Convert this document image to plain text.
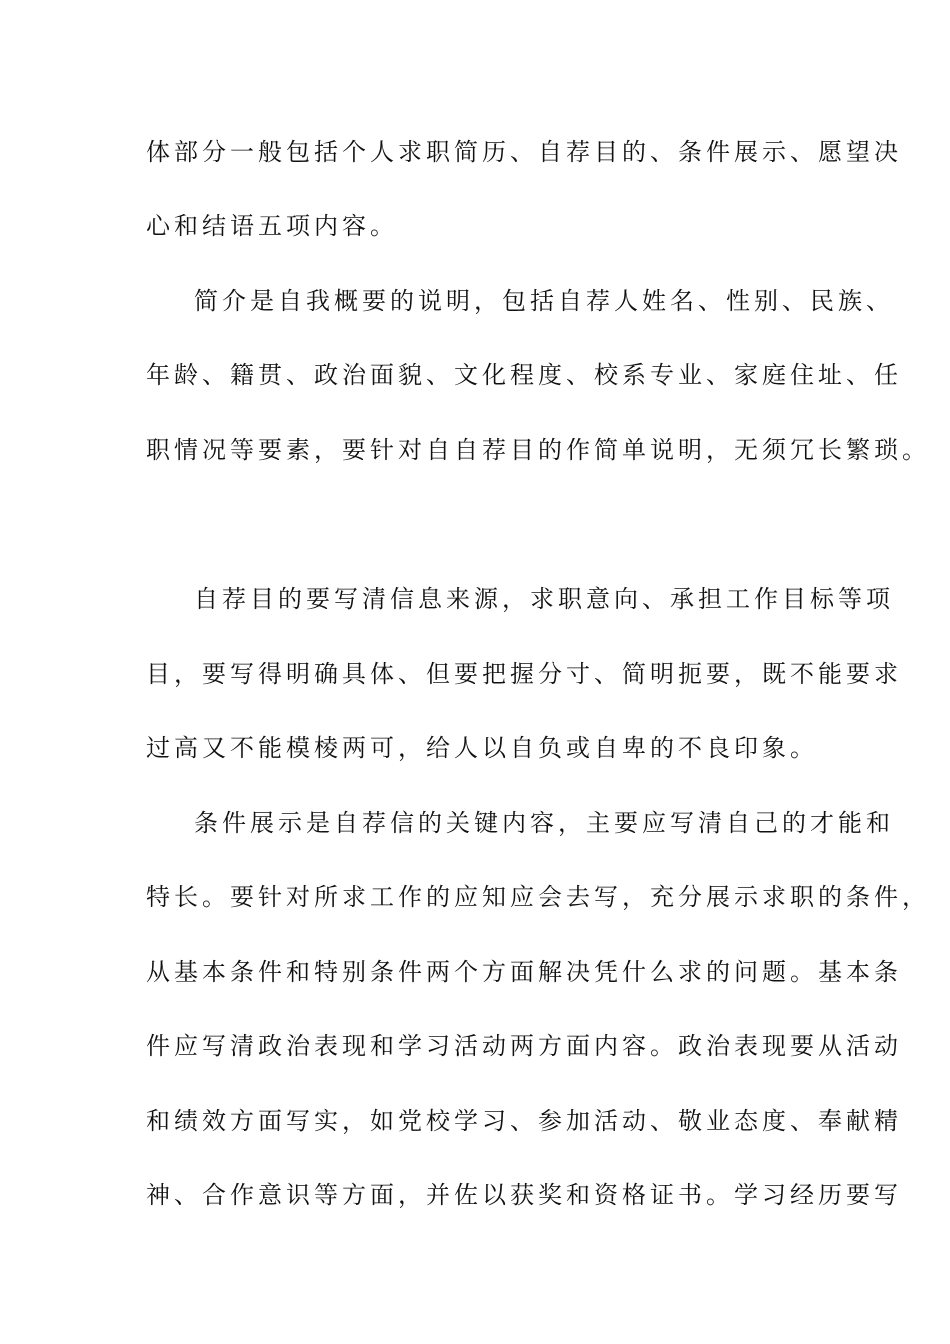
体部分一般包括个人求职简历、自荐目的、条件展示、愿望决
心和结语五项内容。
简介是自我概要的说明，包括自荐人姓名、性别、民族、
年龄、籍贯、政治面貌、文化程度、校系专业、家庭住址、任
职情况等要素，要针对自自荐目的作简单说明，无须冗长繁琐。
自荐目的要写清信息来源，求职意向、承担工作目标等项
目，要写得明确具体、但要把握分寸、简明扼要，既不能要求
过高又不能模棱两可，给人以自负或自卑的不良印象。
条件展示是自荐信的关键内容，主要应写清自己的才能和
特长。要针对所求工作的应知应会去写，充分展示求职的条件，
从基本条件和特别条件两个方面解决凭什么求的问题。基本条
件应写清政治表现和学习活动两方面内容。政治表现要从活动
和绩效方面写实，如党校学习、参加活动、敬业态度、奉献精
神、合作意识等方面，并佐以获奖和资格证书。学习经历要写
